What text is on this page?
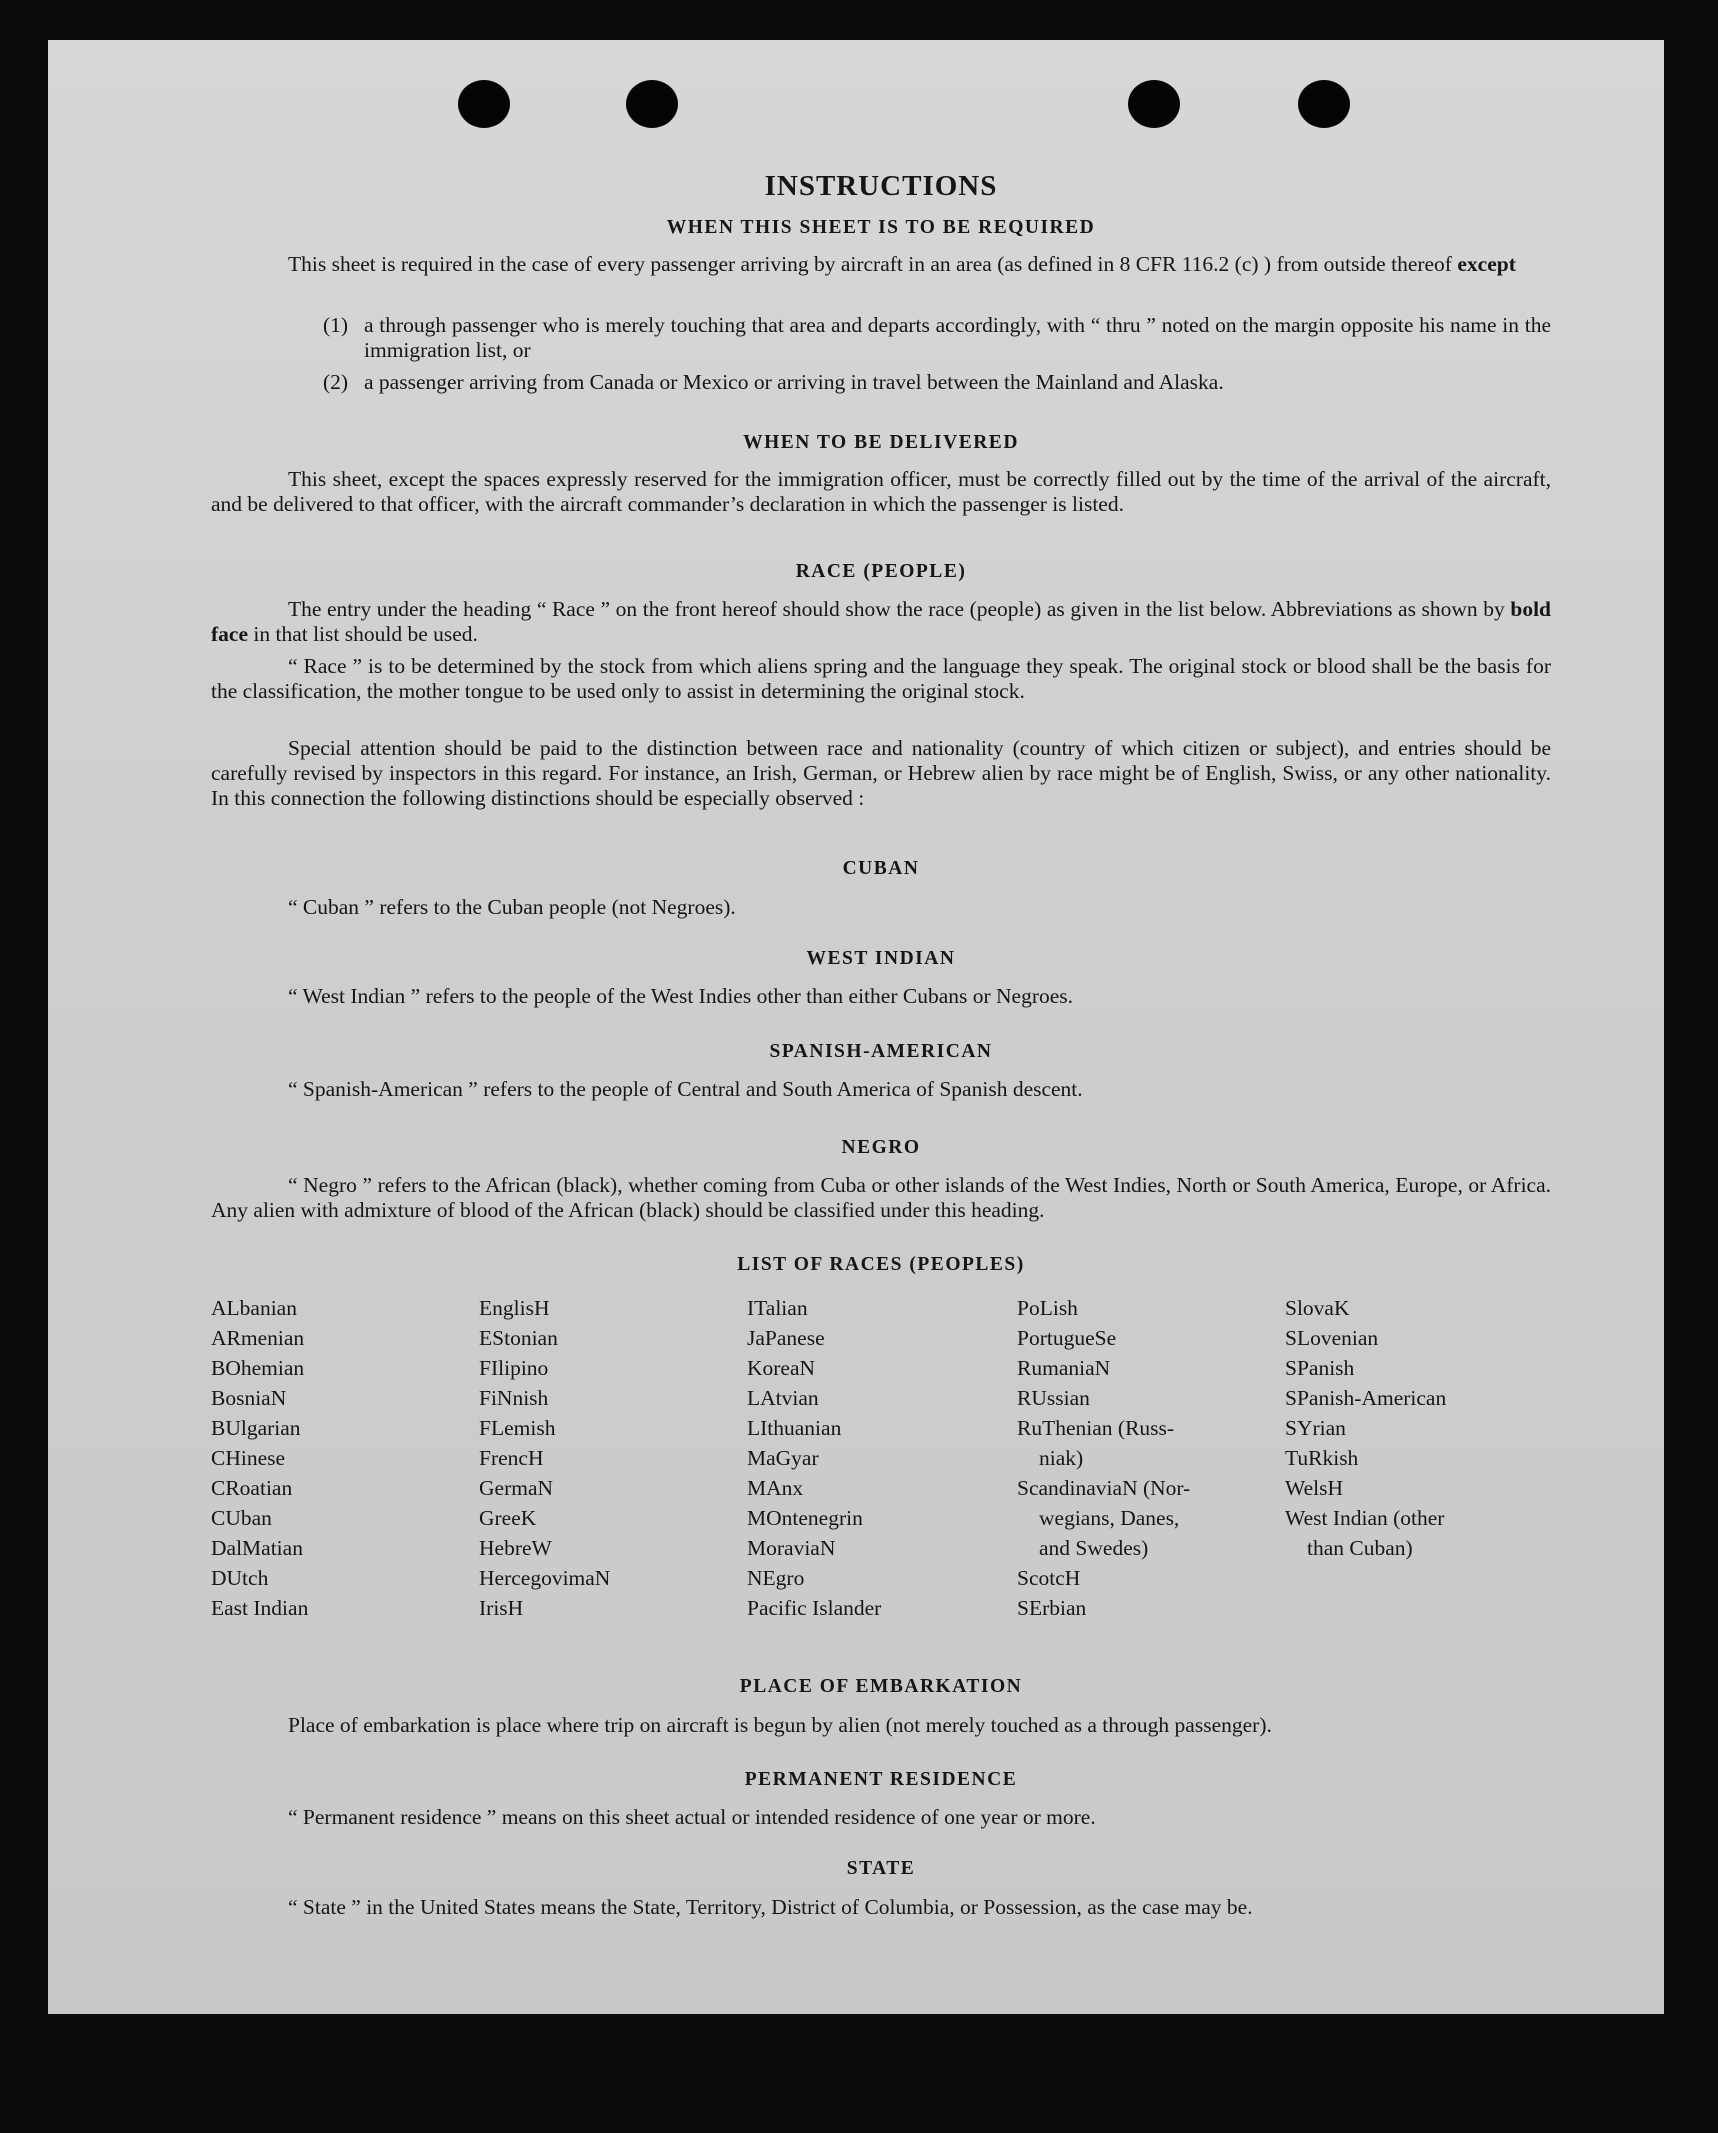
INSTRUCTIONS
WHEN THIS SHEET IS TO BE REQUIRED

This sheet is required in the case of every passenger arriving by aircraft in an area (as defined in 8 CFR 116.2 (c) ) from outside thereof except

(1) a through passenger who is merely touching that area and departs accordingly, with “ thru ” noted on the margin opposite his name in the immigration list, or
(2) a passenger arriving from Canada or Mexico or arriving in travel between the Mainland and Alaska.
WHEN TO BE DELIVERED

This sheet, except the spaces expressly reserved for the immigration officer, must be correctly filled out by the time of the arrival of the aircraft, and be delivered to that officer, with the aircraft commander’s declaration in which the passenger is listed.

RACE (PEOPLE)

The entry under the heading “ Race ” on the front hereof should show the race (people) as given in the list below. Abbreviations as shown by bold face in that list should be used.

“ Race ” is to be determined by the stock from which aliens spring and the language they speak. The original stock or blood shall be the basis for the classification, the mother tongue to be used only to assist in determining the original stock.

Special attention should be paid to the distinction between race and nationality (country of which citizen or subject), and entries should be carefully revised by inspectors in this regard. For instance, an Irish, German, or Hebrew alien by race might be of English, Swiss, or any other nationality. In this connection the following distinctions should be especially observed :

CUBAN

“ Cuban ” refers to the Cuban people (not Negroes).

WEST INDIAN

“ West Indian ” refers to the people of the West Indies other than either Cubans or Negroes.

SPANISH-AMERICAN

“ Spanish-American ” refers to the people of Central and South America of Spanish descent.

NEGRO

“ Negro ” refers to the African (black), whether coming from Cuba or other islands of the West Indies, North or South America, Europe, or Africa. Any alien with admixture of blood of the African (black) should be classified under this heading.

LIST OF RACES (PEOPLES)
ALbanian
ARmenian
BOhemian
BosniaN
BUlgarian
CHinese
CRoatian
CUban
DalMatian
DUtch
East Indian
EnglisH
EStonian
FIlipino
FiNnish
FLemish
FrencH
GermaN
GreeK
HebreW
HercegovimaN
IrisH
ITalian
JaPanese
KoreaN
LAtvian
LIthuanian
MaGyar
MAnx
MOntenegrin
MoraviaN
NEgro
Pacific Islander
PoLish
PortugueSe
RumaniaN
RUssian
RuThenian (Russ-
niak)
ScandinaviaN (Nor-
wegians, Danes,
and Swedes)
ScotcH
SErbian
SlovaK
SLovenian
SPanish
SPanish-American
SYrian
TuRkish
WelsH
West Indian (other
than Cuban)
PLACE OF EMBARKATION

Place of embarkation is place where trip on aircraft is begun by alien (not merely touched as a through passenger).

PERMANENT RESIDENCE

“ Permanent residence ” means on this sheet actual or intended residence of one year or more.

STATE

“ State ” in the United States means the State, Territory, District of Columbia, or Possession, as the case may be.
